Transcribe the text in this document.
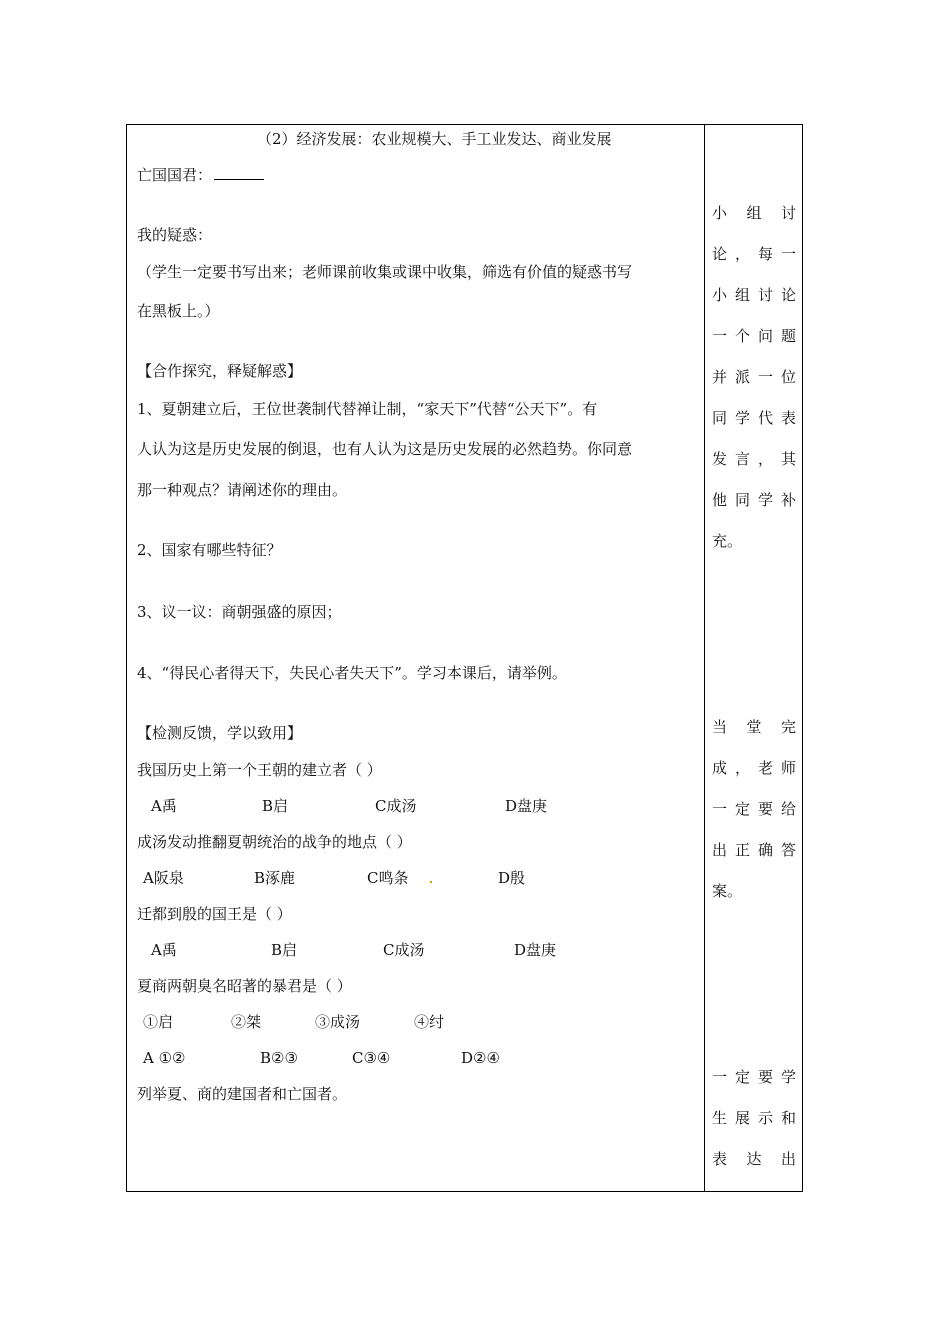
（2）经济发展：农业规模大、手工业发达、商业发展
亡国国君：
我的疑惑：
（学生一定要书写出来；老师课前收集或课中收集，筛选有价值的疑惑书写
在黑板上。）
【合作探究，释疑解惑】
1、夏朝建立后，王位世袭制代替禅让制，“家天下”代替“公天下”。有
人认为这是历史发展的倒退，也有人认为这是历史发展的必然趋势。你同意
那一种观点？请阐述你的理由。
2、国家有哪些特征？
3、议一议：商朝强盛的原因；
4、“得民心者得天下，失民心者失天下”。学习本课后，请举例。
【检测反馈，学以致用】
我国历史上第一个王朝的建立者（ ）
A禹	B启	C成汤	D盘庚
成汤发动推翻夏朝统治的战争的地点（ ）
A阪泉	B涿鹿	C鸣条	D殷
迁都到殷的国王是（ ）
A禹	B启	C成汤	D盘庚
夏商两朝臭名昭著的暴君是（ ）
①启	②桀	③成汤	④纣
A ①②	B②③	C③④	D②④
列举夏、商的建国者和亡国者。
小 组 讨
论，每一
小组讨论
一个问题
并派一位
同学代表
发言，其
他同学补
充。
当 堂 完
成，老师
一定要给
出正确答
案。
一定要学
生展示和
表 达 出
